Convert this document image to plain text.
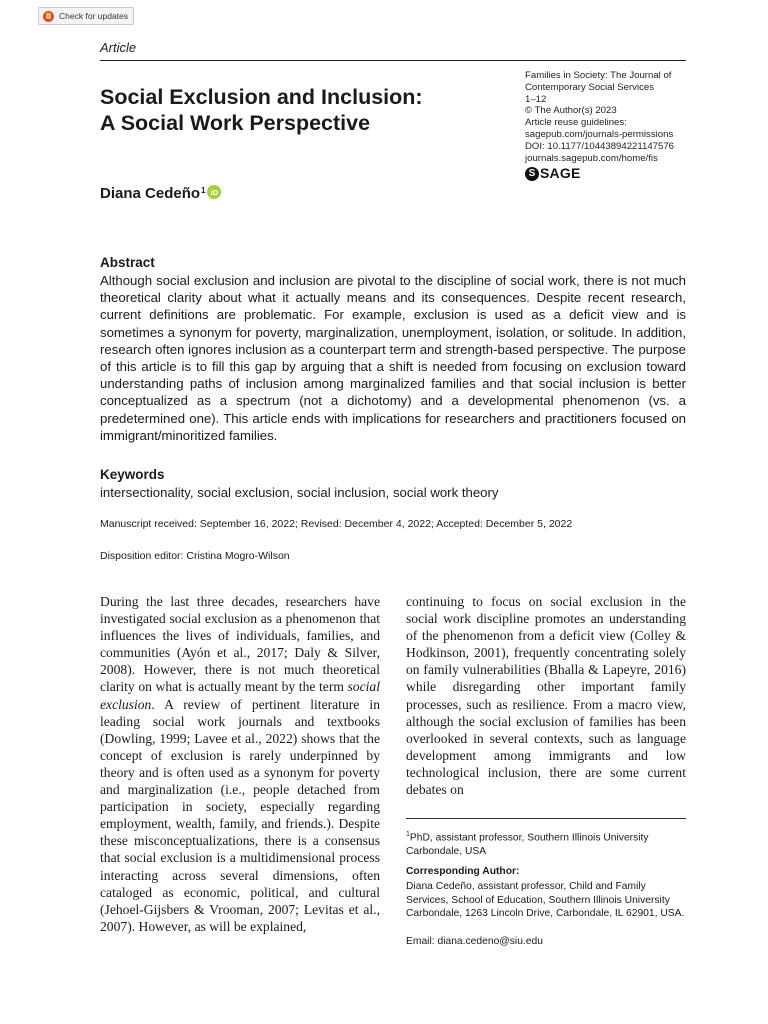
Check for updates
Article
Social Exclusion and Inclusion:
A Social Work Perspective
Families in Society: The Journal of
Contemporary Social Services
1–12
© The Author(s) 2023
Article reuse guidelines:
sagepub.com/journals-permissions
DOI: 10.1177/10443894221147576
journals.sagepub.com/home/fis
S SAGE
Diana Cedeño$^1$ iD
Abstract

Although social exclusion and inclusion are pivotal to the discipline of social work, there is not much theoretical clarity about what it actually means and its consequences. Despite recent research, current definitions are problematic. For example, exclusion is used as a deficit view and is sometimes a synonym for poverty, marginalization, unemployment, isolation, or solitude. In addition, research often ignores inclusion as a counterpart term and strength-based perspective. The purpose of this article is to fill this gap by arguing that a shift is needed from focusing on exclusion toward understanding paths of inclusion among marginalized families and that social inclusion is better conceptualized as a spectrum (not a dichotomy) and a developmental phenomenon (vs. a predetermined one). This article ends with implications for researchers and practitioners focused on immigrant/minoritized families.

Keywords
intersectionality, social exclusion, social inclusion, social work theory
Manuscript received: September 16, 2022; Revised: December 4, 2022; Accepted: December 5, 2022
Disposition editor: Cristina Mogro-Wilson

During the last three decades, researchers have investigated social exclusion as a phenomenon that influences the lives of individuals, families, and communities (Ayón et al., 2017; Daly & Silver, 2008). However, there is not much theoretical clarity on what is actually meant by the term social exclusion. A review of pertinent literature in leading social work journals and textbooks (Dowling, 1999; Lavee et al., 2022) shows that the concept of exclusion is rarely underpinned by theory and is often used as a synonym for poverty and marginalization (i.e., people detached from participation in society, especially regarding employment, wealth, family, and friends.). Despite these misconceptualizations, there is a consensus that social exclusion is a multidimensional process interacting across several dimensions, often cataloged as economic, political, and cultural (Jehoel-Gijsbers & Vrooman, 2007; Levitas et al., 2007). However, as will be explained,

continuing to focus on social exclusion in the social work discipline promotes an understanding of the phenomenon from a deficit view (Colley & Hodkinson, 2001), frequently concentrating solely on family vulnerabilities (Bhalla & Lapeyre, 2016) while disregarding other important family processes, such as resilience. From a macro view, although the social exclusion of families has been overlooked in several contexts, such as language development among immigrants and low technological inclusion, there are some current debates on

$^1$PhD, assistant professor, Southern Illinois University Carbondale, USA

Corresponding Author:

Diana Cedeño, assistant professor, Child and Family Services, School of Education, Southern Illinois University Carbondale, 1263 Lincoln Drive, Carbondale, IL 62901, USA.

Email: diana.cedeno@siu.edu
